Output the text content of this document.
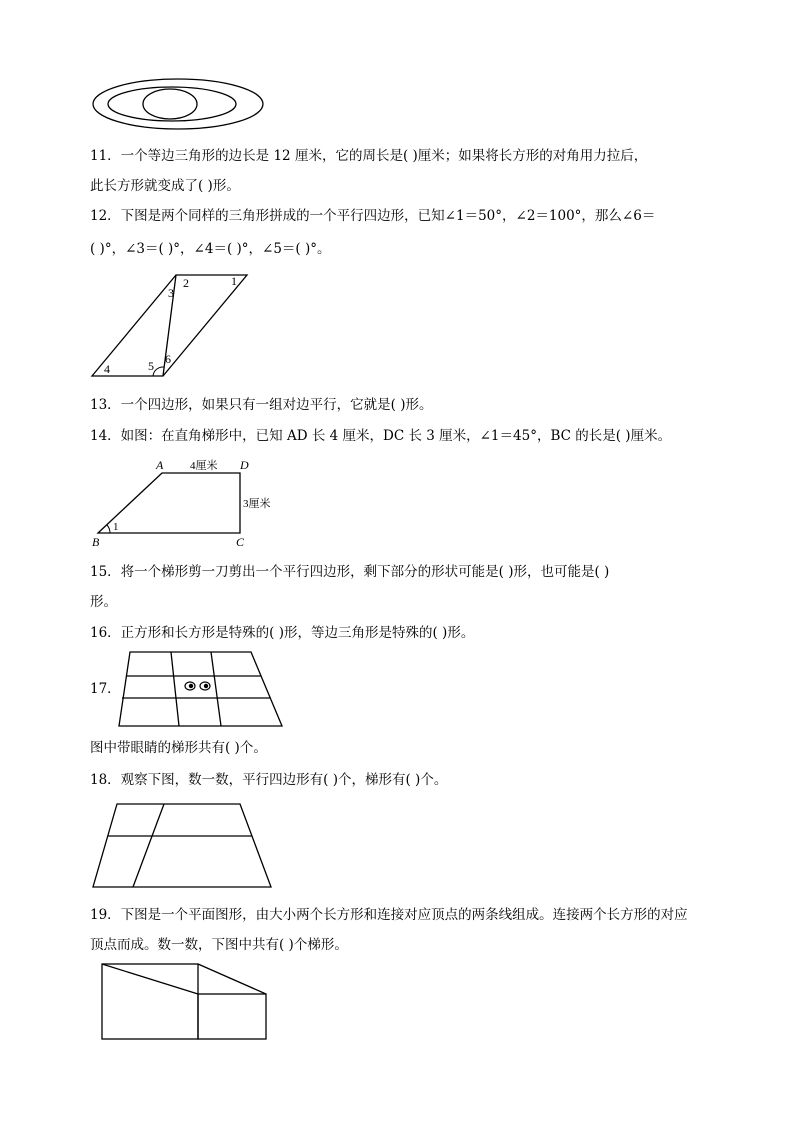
11．一个等边三角形的边长是 12 厘米，它的周长是( )厘米；如果将长方形的对角用力拉后，
此长方形就变成了( )形。
12．下图是两个同样的三角形拼成的一个平行四边形，已知∠1＝50°，∠2＝100°，那么∠6＝
( )°，∠3＝( )°，∠4＝( )°，∠5＝( )°。
1
2
3
4	5 6
13．一个四边形，如果只有一组对边平行，它就是( )形。
14．如图：在直角梯形中，已知 AD 长 4 厘米，DC 长 3 厘米，∠1＝45°，BC 的长是( )厘米。
A	D
B	C
4厘米
3厘米
1
15．将一个梯形剪一刀剪出一个平行四边形，剩下部分的形状可能是( )形，也可能是( )
形。
16．正方形和长方形是特殊的( )形，等边三角形是特殊的( )形。
17．
图中带眼睛的梯形共有( )个。
18．观察下图，数一数，平行四边形有( )个，梯形有( )个。
19．下图是一个平面图形，由大小两个长方形和连接对应顶点的两条线组成。连接两个长方形的对应
顶点而成。数一数，下图中共有( )个梯形。
